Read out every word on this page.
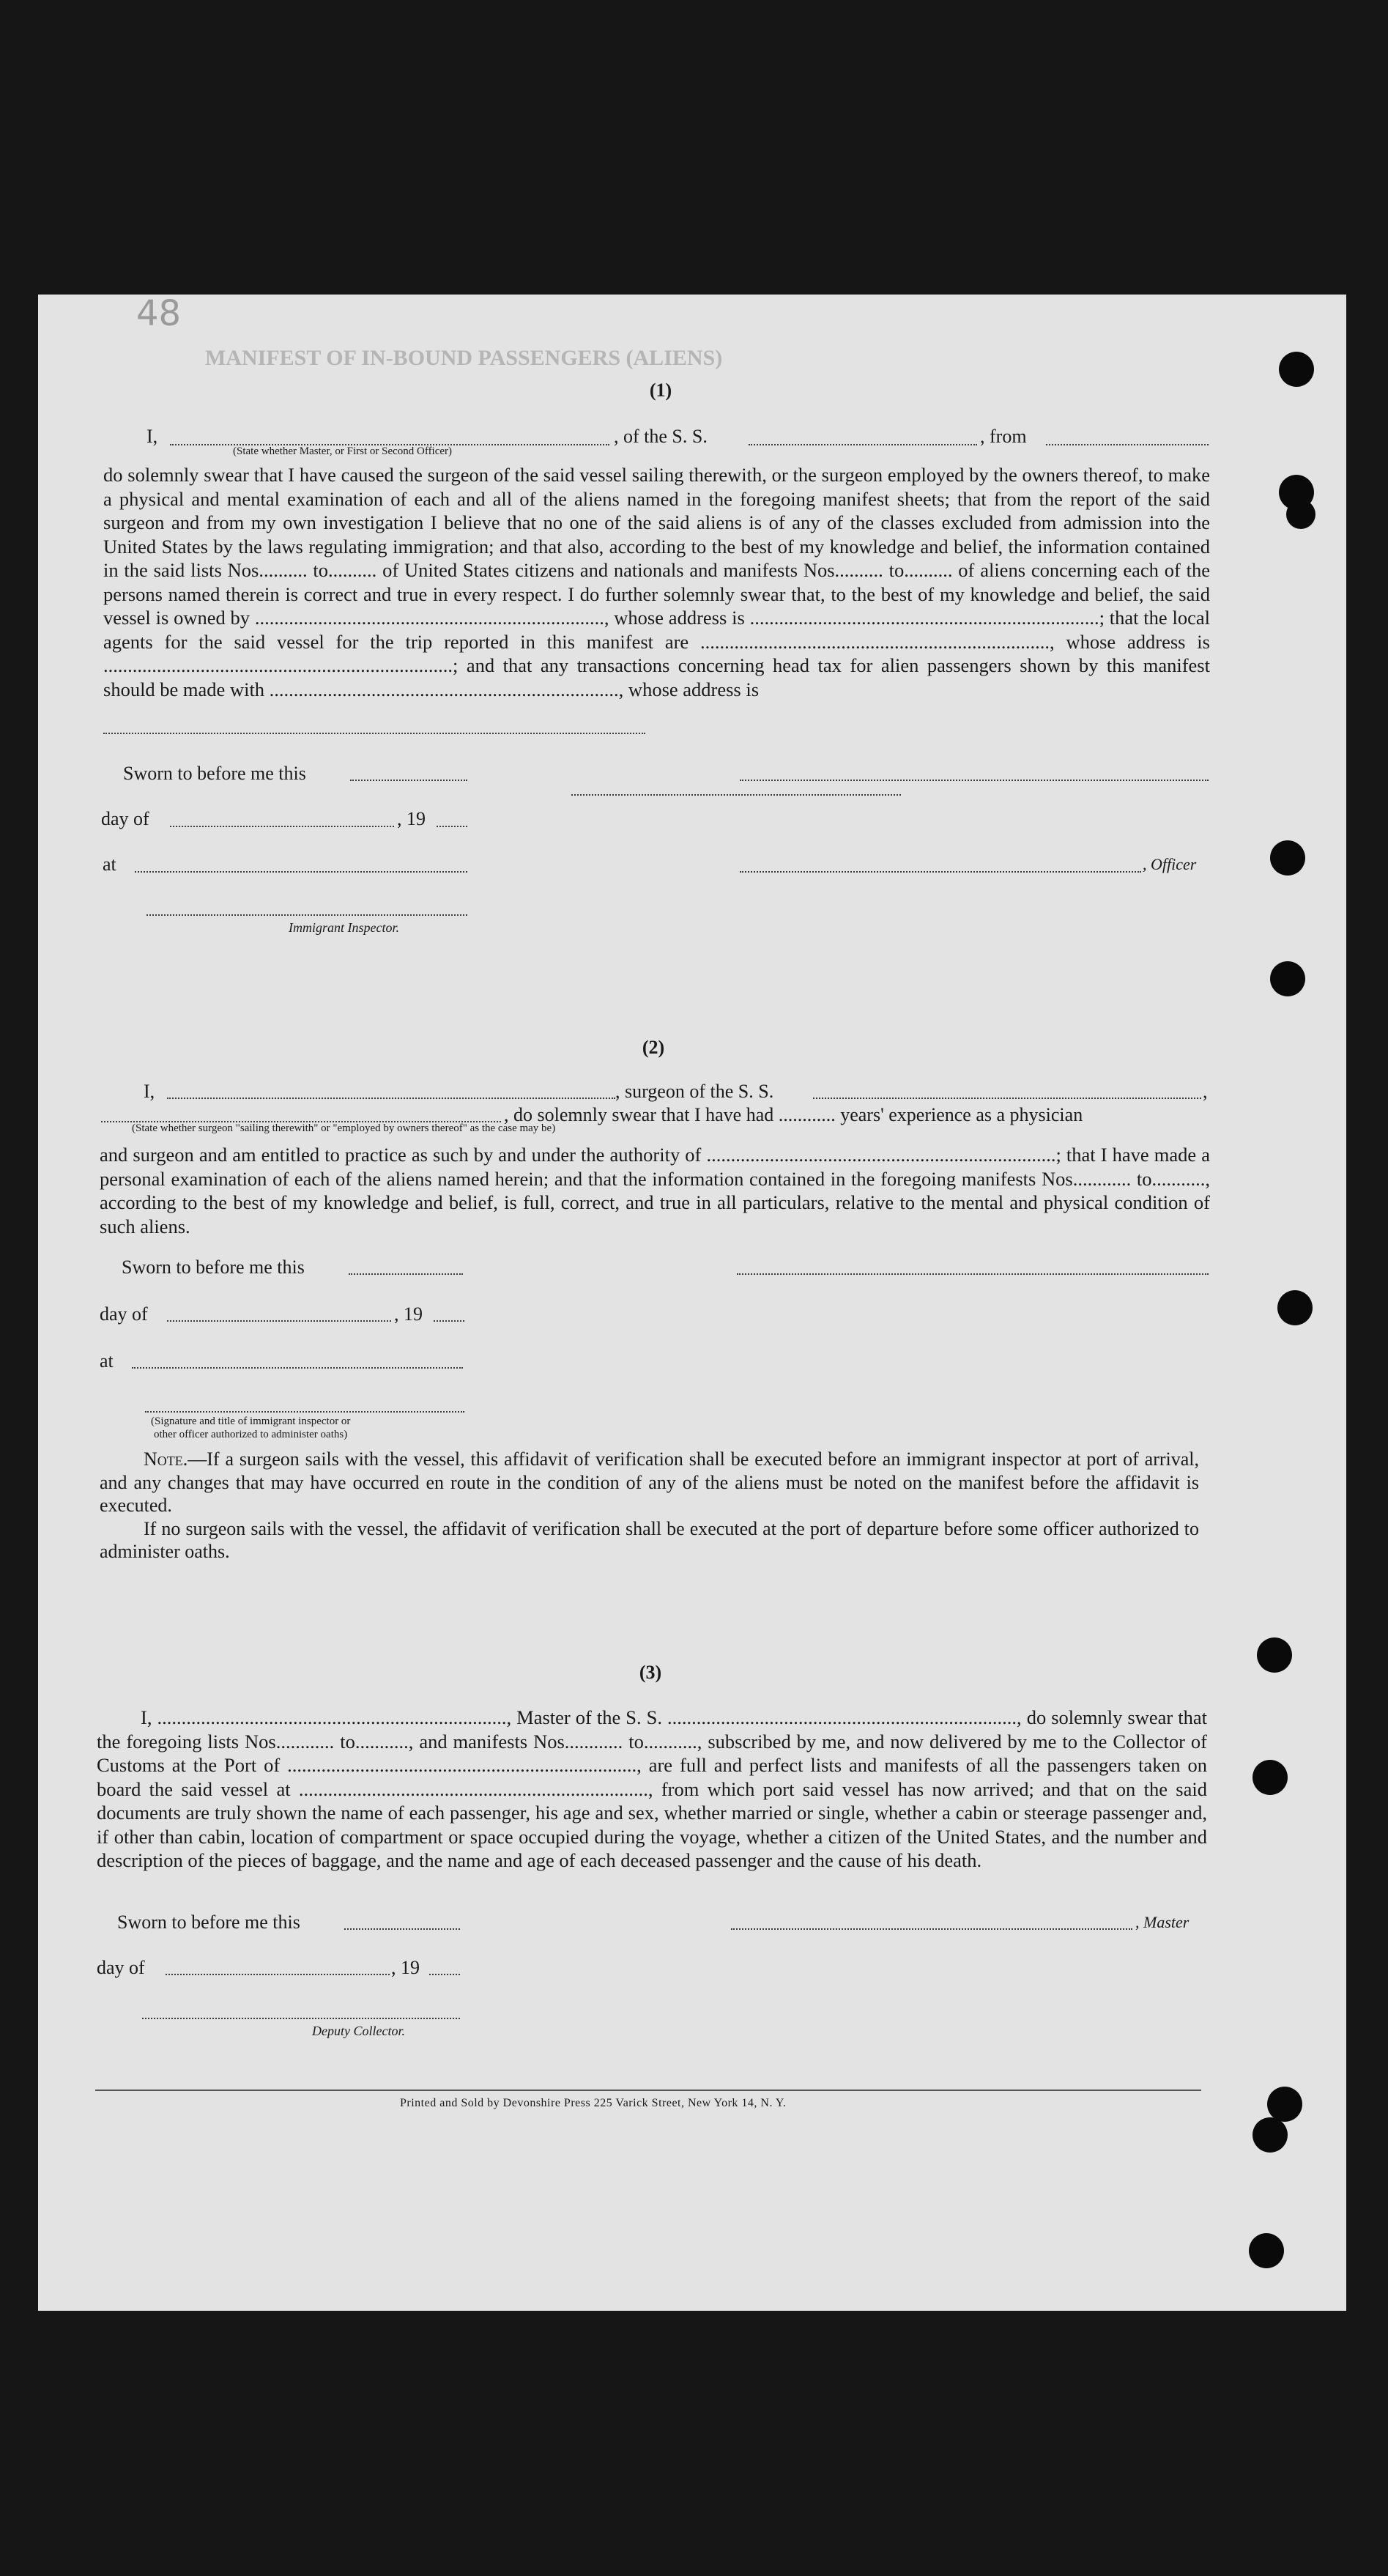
MANIFEST OF IN-BOUND PASSENGERS (ALIENS)
48
(1)
I,	, of the S. S.	, from
(State whether Master, or First or Second Officer)

do solemnly swear that I have caused the surgeon of the said vessel sailing therewith, or the surgeon employed by the owners thereof, to make a physical and mental examination of each and all of the aliens named in the foregoing manifest sheets; that from the report of the said surgeon and from my own investigation I believe that no one of the said aliens is of any of the classes excluded from admission into the United States by the laws regulating immigration; and that also, according to the best of my knowledge and belief, the information contained in the said lists Nos.......... to.......... of United States citizens and nationals and manifests Nos.......... to.......... of aliens concerning each of the persons named therein is correct and true in every respect. I do further solemnly swear that, to the best of my knowledge and belief, the said vessel is owned by ........................................................................, whose address is ........................................................................; that the local agents for the said vessel for the trip reported in this manifest are ........................................................................, whose address is ........................................................................; and that any transactions concerning head tax for alien passengers shown by this manifest should be made with ........................................................................, whose address is

Sworn to before me this
day of	, 19
at	, Officer
Immigrant Inspector.
(2)
I,	, surgeon of the S. S.	,
, do solemnly swear that I have had ............ years' experience as a physician
(State whether surgeon "sailing therewith" or "employed by owners thereof" as the case may be)

and surgeon and am entitled to practice as such by and under the authority of ........................................................................; that I have made a personal examination of each of the aliens named herein; and that the information contained in the foregoing manifests Nos............ to..........., according to the best of my knowledge and belief, is full, correct, and true in all particulars, relative to the mental and physical condition of such aliens.

Sworn to before me this
day of	, 19
at
(Signature and title of immigrant inspector or
other officer authorized to administer oaths)

Note.—If a surgeon sails with the vessel, this affidavit of verification shall be executed before an immigrant inspector at port of arrival, and any changes that may have occurred en route in the condition of any of the aliens must be noted on the manifest before the affidavit is executed.

If no surgeon sails with the vessel, the affidavit of verification shall be executed at the port of departure before some officer authorized to administer oaths.

(3)

I, ........................................................................, Master of the S. S. ........................................................................, do solemnly swear that the foregoing lists Nos............ to..........., and manifests Nos............ to..........., subscribed by me, and now delivered by me to the Collector of Customs at the Port of ........................................................................, are full and perfect lists and manifests of all the passengers taken on board the said vessel at ........................................................................, from which port said vessel has now arrived; and that on the said documents are truly shown the name of each passenger, his age and sex, whether married or single, whether a cabin or steerage passenger and, if other than cabin, location of compartment or space occupied during the voyage, whether a citizen of the United States, and the number and description of the pieces of baggage, and the name and age of each deceased passenger and the cause of his death.

Sworn to before me this	, Master
day of	, 19
Deputy Collector.
Printed and Sold by Devonshire Press 225 Varick Street, New York 14, N. Y.
